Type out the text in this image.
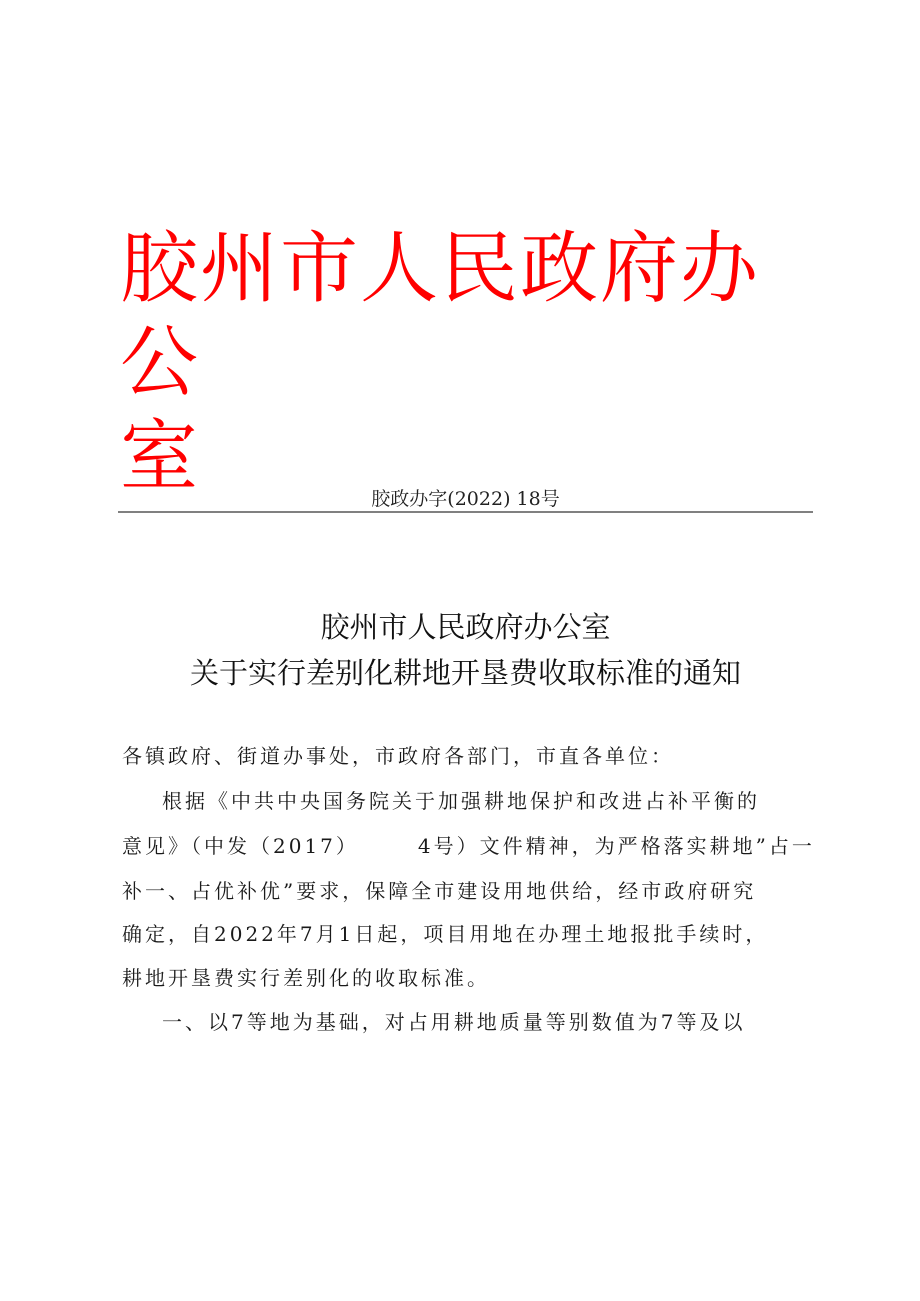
胶州市人民政府办公
室	胶政办字(2022) 18号
胶州市人民政府办公室
关于实行差别化耕地开垦费收取标准的通知
各镇政府、街道办事处，市政府各部门，市直各单位：
根据《中共中央国务院关于加强耕地保护和改进占补平衡的
意见》（中发（2017）　　　4号）文件精神，为严格落实耕地”占一
补一、占优补优”要求，保障全市建设用地供给，经市政府研究
确定，自2022年7月1日起，项目用地在办理土地报批手续时，
耕地开垦费实行差别化的收取标准。
一、以7等地为基础，对占用耕地质量等别数值为7等及以
